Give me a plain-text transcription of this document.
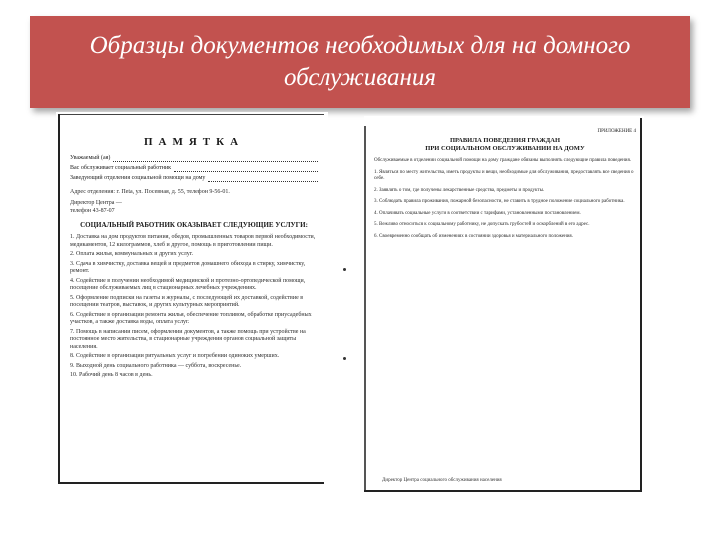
Образцы документов необходимых для на домного обслуживания
ПАМЯТКА
Уважаемый (ая)
Вас обслуживает социальный работник
Заведующий отделения социальной помощи на дому
Адрес отделения: г. Пеtа, ул. Посевная, д. 55, телефон 9-56-01.
Директор Центра —
телефон 43-87-07
СОЦИАЛЬНЫЙ РАБОТНИК ОКАЗЫВАЕТ СЛЕДУЮЩИЕ УСЛУГИ:
1. Доставка на дом продуктов питания, обедов, промышленных товаров первой необходимости, медикаментов, 12 килограммов, хлеб и другое, помощь в приготовлении пищи.
2. Оплата жилья, коммунальных и других услуг.
3. Сдача в химчистку, доставка вещей и предметов домашнего обихода в стирку, химчистку, ремонт.
4. Содействие в получении необходимой медицинской и протезно-ортопедической помощи, посещение обслуживаемых лиц в стационарных лечебных учреждениях.
5. Оформление подписки на газеты и журналы, с последующей их доставкой, содействие в посещении театров, выставок, и других культурных мероприятий.
6. Содействие в организации ремонта жилья, обеспечение топливом, обработке приусадебных участков, а также доставка воды, оплата услуг.
7. Помощь в написании писем, оформлении документов, а также помощь при устройстве на постоянное место жительства, в стационарные учреждения органов социальной защиты населения.
8. Содействие в организации ритуальных услуг и погребении одиноких умерших.
9. Выходной день социального работника — суббота, воскресенье.
10. Рабочий день 8 часов в день.
ПРИЛОЖЕНИЕ 4
ПРАВИЛА ПОВЕДЕНИЯ ГРАЖДАН
ПРИ СОЦИАЛЬНОМ ОБСЛУЖИВАНИИ НА ДОМУ
Обслуживаемые в отделении социальной помощи на дому граждане обязаны выполнять следующие правила поведения.
1. Являться по месту жительства, иметь продукты и вещи, необходимые для обслуживания, предоставлять все сведения о себе.
2. Заявлять о том, где получены лекарственные средства, предметы и продукты.
3. Соблюдать правила проживания, пожарной безопасности, не ставить в трудное положение социального работника.
4. Оплачивать социальные услуги в соответствии с тарифами, установленными постановлением.
5. Вежливо относиться к социальному работнику, не допускать грубостей и оскорблений в его адрес.
6. Своевременно сообщать об изменениях в состоянии здоровья и материального положения.
Директор Центра социального обслуживания населения
